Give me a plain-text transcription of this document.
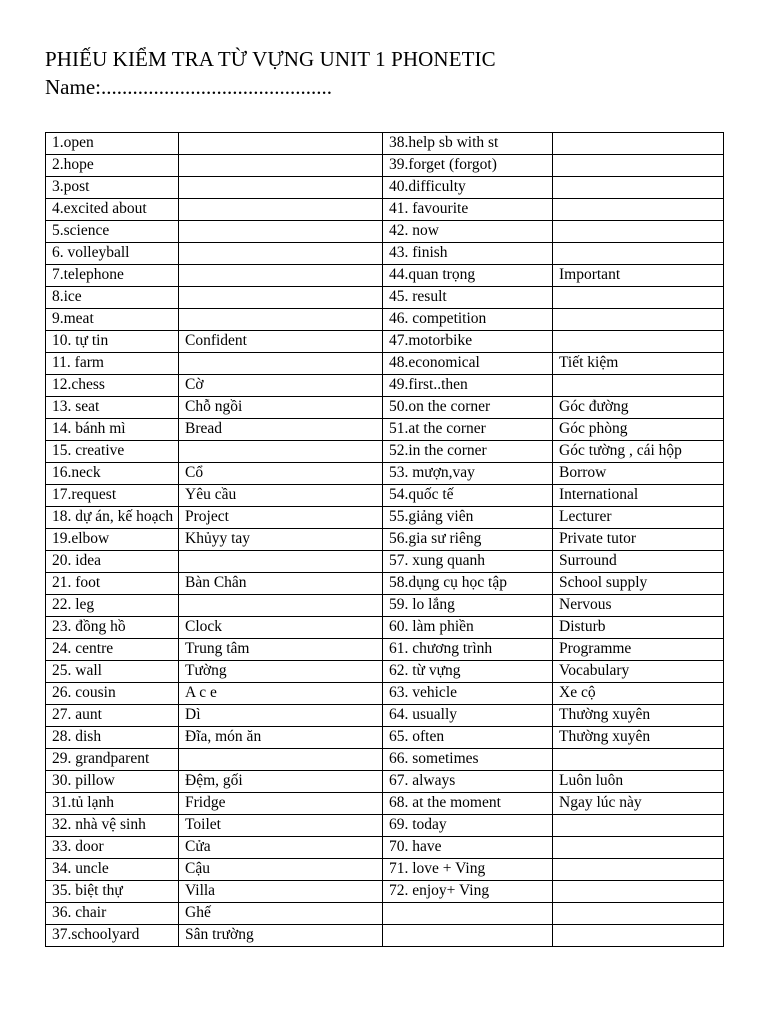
PHIẾU KIỂM TRA TỪ VỰNG UNIT 1 PHONETIC
Name:............................................
1.open		38.help sb with st	
2.hope		39.forget (forgot)	
3.post		40.difficulty	
4.excited about		41. favourite	
5.science		42. now	
6. volleyball		43. finish	
7.telephone		44.quan trọng	Important
8.ice		45. result	
9.meat		46. competition	
10. tự tin	Confident	47.motorbike	
11. farm		48.economical	Tiết kiệm
12.chess	Cờ	49.first..then	
13. seat	Chỗ ngồi	50.on the corner	Góc đường
14. bánh mì	Bread	51.at the corner	Góc phòng
15. creative		52.in the corner	Góc tường , cái hộp
16.neck	Cổ	53. mượn,vay	Borrow
17.request	Yêu cầu	54.quốc tế	International
18. dự án, kế hoạch	Project	55.giảng viên	Lecturer
19.elbow	Khủyy tay	56.gia sư riêng	Private tutor
20. idea		57. xung quanh	Surround
21. foot	Bàn Chân	58.dụng cụ học tập	School supply
22. leg		59. lo lắng	Nervous
23. đồng hồ	Clock	60. làm phiền	Disturb
24. centre	Trung tâm	61. chương trình	Programme
25. wall	Tường	62. từ vựng	Vocabulary
26. cousin	A c e	63. vehicle	Xe cộ
27. aunt	Dì	64. usually	Thường xuyên
28. dish	Đĩa, món ăn	65. often	Thường xuyên
29. grandparent		66. sometimes	
30. pillow	Đệm, gối	67. always	Luôn luôn
31.tủ lạnh	Fridge	68. at the moment	Ngay lúc này
32. nhà vệ sinh	Toilet	69. today	
33. door	Cửa	70. have	
34. uncle	Cậu	71. love + Ving	
35. biệt thự	Villa	72. enjoy+ Ving	
36. chair	Ghế		
37.schoolyard	Sân trường		
